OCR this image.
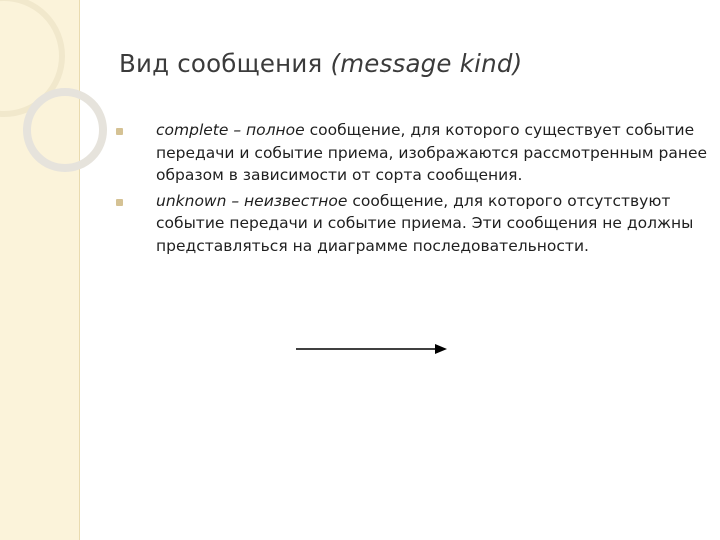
Вид сообщения (message kind)
complete – полное сообщение, для которого существует событие передачи и событие приема, изображаются рассмотренным ранее образом в зависимости от сорта сообщения.
unknown – неизвестное сообщение, для которого отсутствуют событие передачи и событие приема. Эти сообщения не должны представляться на диаграмме последовательности.
